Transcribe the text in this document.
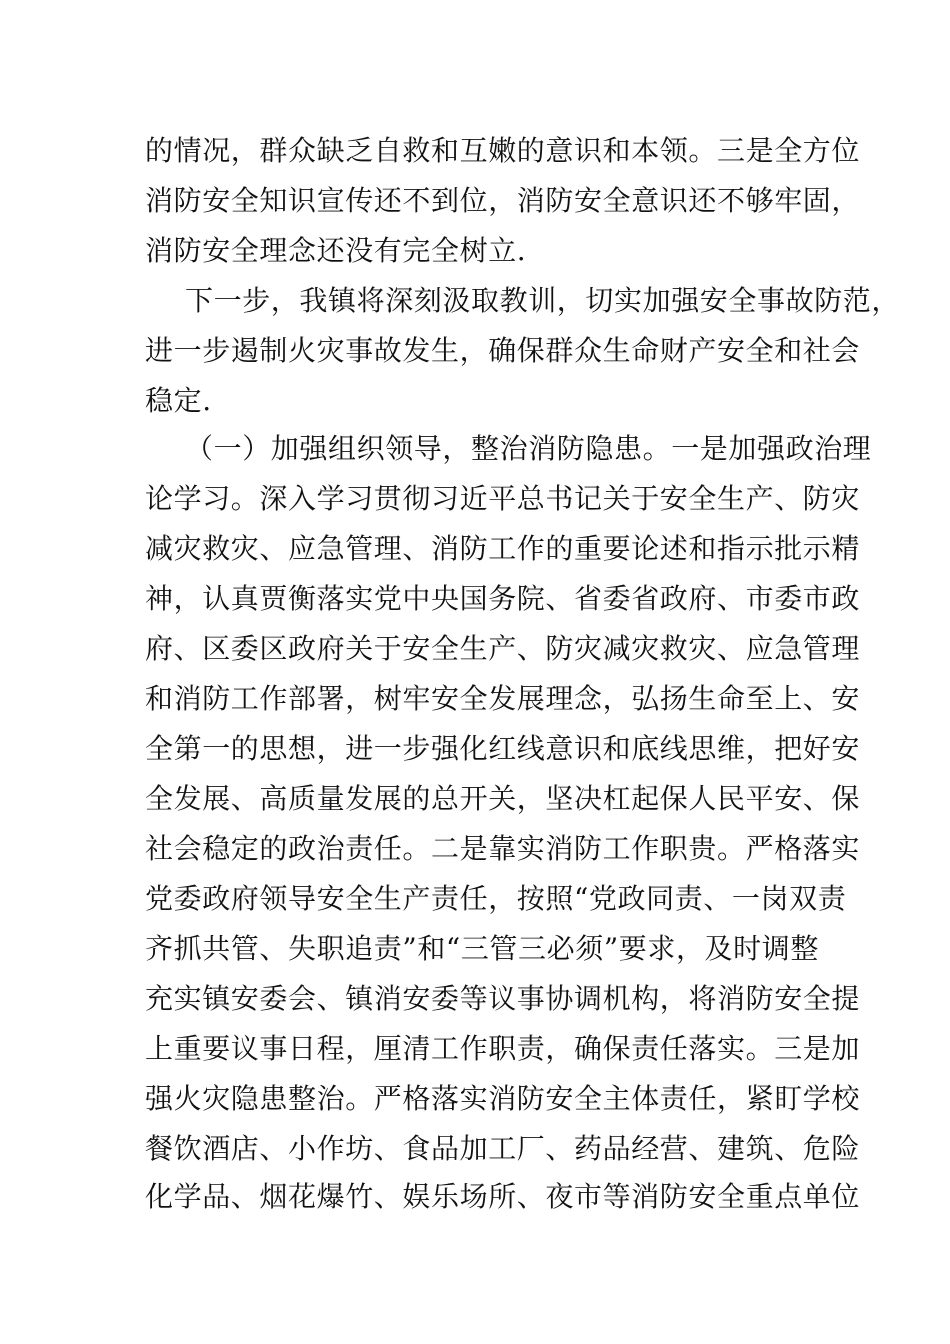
的情况，群众缺乏自救和互嫩的意识和本领。三是全方位
消防安全知识宣传还不到位，消防安全意识还不够牢固，
消防安全理念还没有完全树立.
下一步，我镇将深刻汲取教训，切实加强安全事故防范，
进一步遏制火灾事故发生，确保群众生命财产安全和社会
稳定.
（一）加强组织领导，整治消防隐患。一是加强政治理
论学习。深入学习贯彻习近平总书记关于安全生产、防灾
减灾救灾、应急管理、消防工作的重要论述和指示批示精
神，认真贾衡落实党中央国务院、省委省政府、市委市政
府、区委区政府关于安全生产、防灾减灾救灾、应急管理
和消防工作部署，树牢安全发展理念，弘扬生命至上、安
全第一的思想，进一步强化红线意识和底线思维，把好安
全发展、高质量发展的总开关，坚决杠起保人民平安、保
社会稳定的政治责任。二是靠实消防工作职贵。严格落实
党委政府领导安全生产责任，按照“党政同责、一岗双责
齐抓共管、失职追责”和“三管三必须”要求，及时调整
充实镇安委会、镇消安委等议事协调机构，将消防安全提
上重要议事日程，厘清工作职责，确保责任落实。三是加
强火灾隐患整治。严格落实消防安全主体责任，紧盯学校
餐饮酒店、小作坊、食品加工厂、药品经营、建筑、危险
化学品、烟花爆竹、娱乐场所、夜市等消防安全重点单位
